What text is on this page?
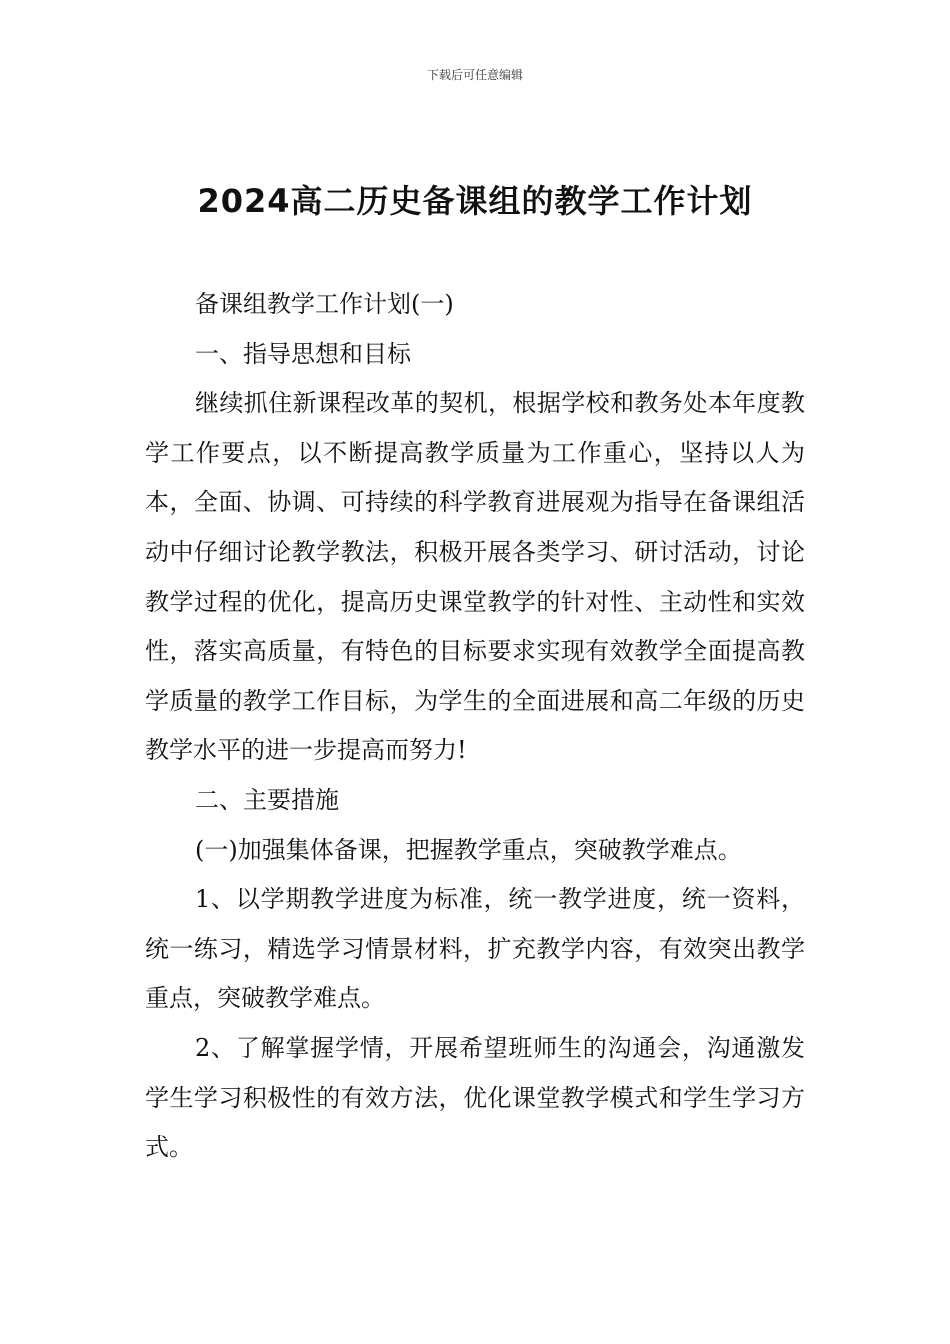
下载后可任意编辑
2024高二历史备课组的教学工作计划

备课组教学工作计划(一)

一、指导思想和目标

继续抓住新课程改革的契机，根据学校和教务处本年度教学工作要点，以不断提高教学质量为工作重心，坚持以人为本，全面、协调、可持续的科学教育进展观为指导在备课组活动中仔细讨论教学教法，积极开展各类学习、研讨活动，讨论教学过程的优化，提高历史课堂教学的针对性、主动性和实效性，落实高质量，有特色的目标要求实现有效教学全面提高教学质量的教学工作目标，为学生的全面进展和高二年级的历史教学水平的进一步提高而努力!

二、主要措施

(一)加强集体备课，把握教学重点，突破教学难点。

1、以学期教学进度为标准，统一教学进度，统一资料，统一练习，精选学习情景材料，扩充教学内容，有效突出教学重点，突破教学难点。

2、了解掌握学情，开展希望班师生的沟通会，沟通激发学生学习积极性的有效方法，优化课堂教学模式和学生学习方式。
